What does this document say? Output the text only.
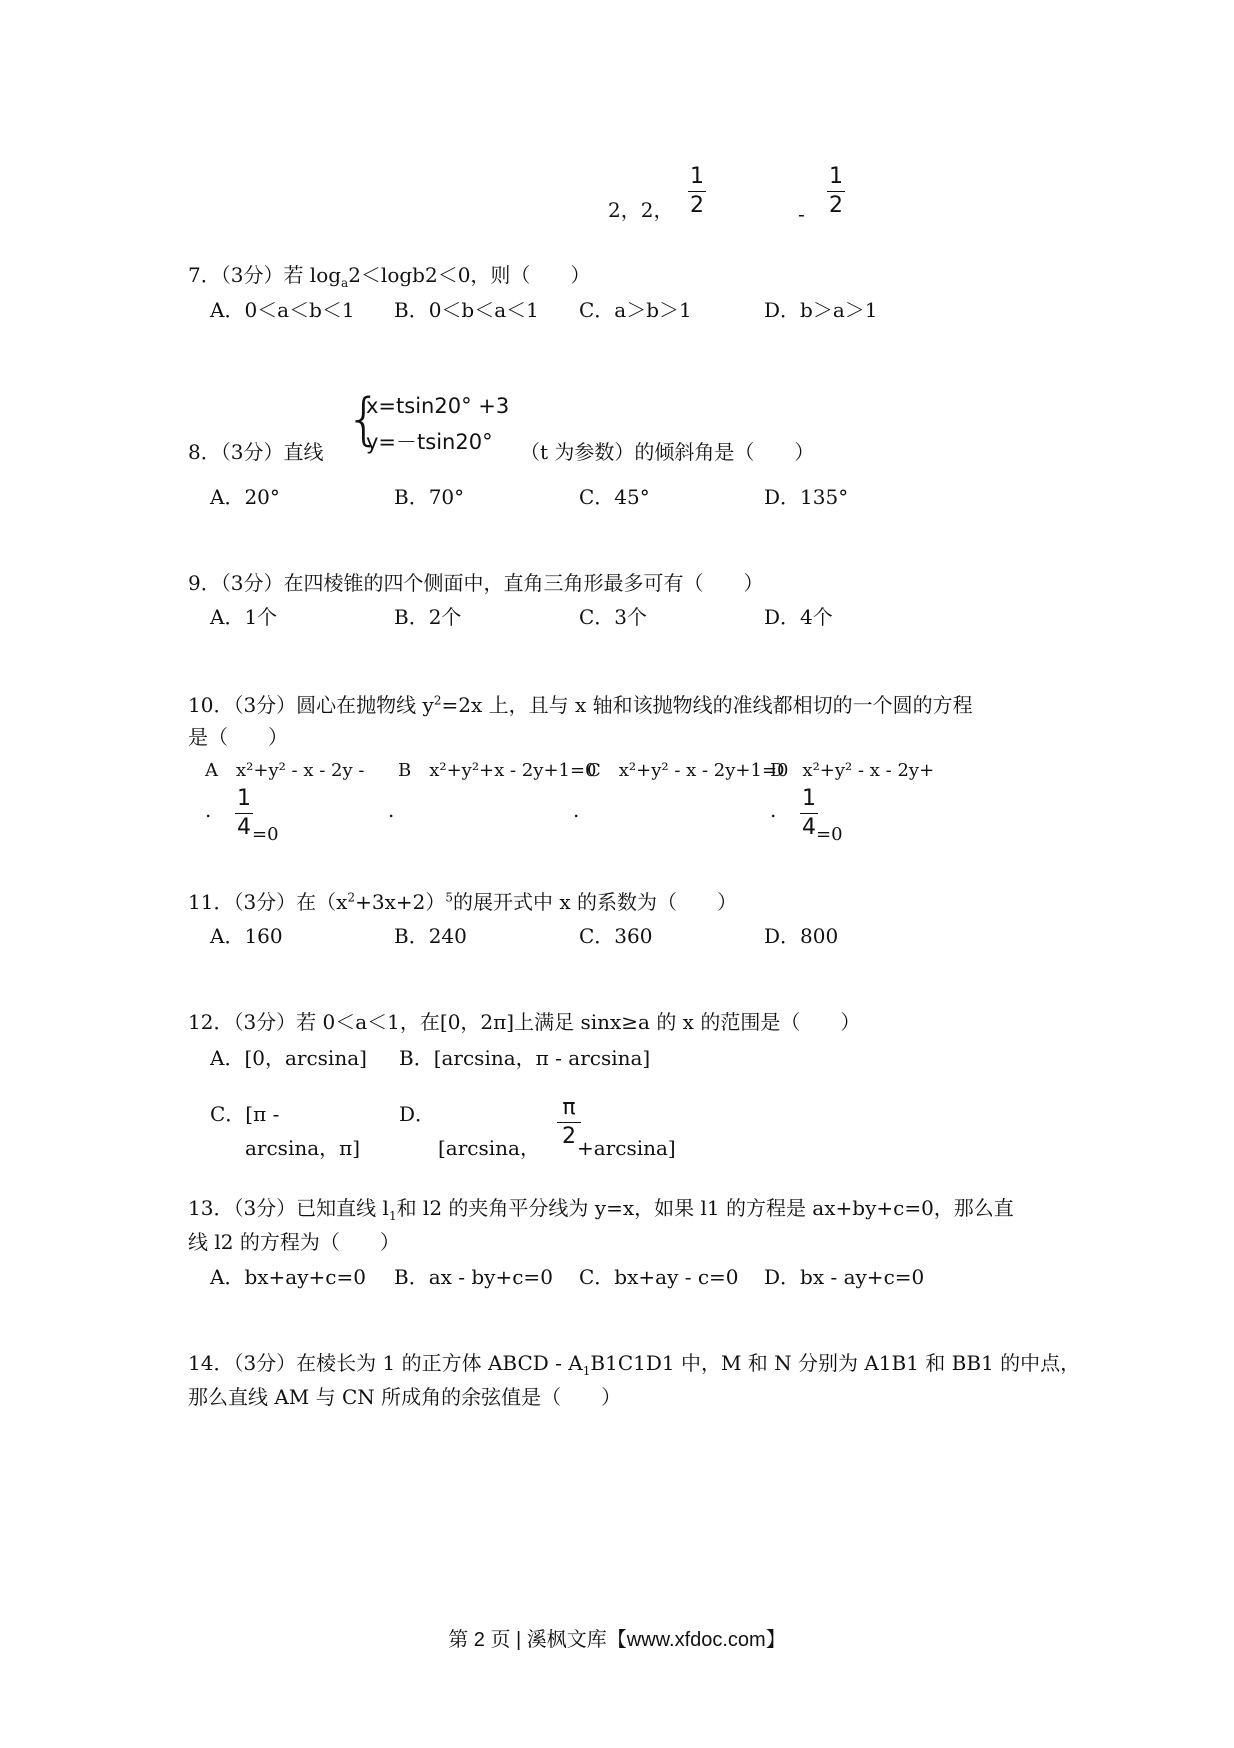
2，2，
1
2	-
1
2
7．（3分）若 $\log_a2<\log b2<0$，则（　　）
A．0＜a＜b＜1 B．0＜b＜a＜1 C．a＞b＞1	D．b＞a＞1
{
x=tsin20° +3
y=－tsin20°
8．（3分）直线	（t 为参数）的倾斜角是（　　）
A．20°	B．70°	C．45°	D．135°
9．（3分）在四棱锥的四个侧面中，直角三角形最多可有（　　）
A．1个	B．2个	C．3个	D．4个
10．（3分）圆心在抛物线 $y^2=2x$ 上，且与 x 轴和该抛物线的准线都相切的一个圆的方程
是（　　）
A　x²+y² - x - 2y - B　x²+y²+x - 2y+1=0
C　x²+y² - x - 2y+1=0
D　x²+y² - x - 2y+
.	.	.	.
1
4 =0
1
4 =0
11．（3分）在$(x^2+3x+2)^5$的展开式中 x 的系数为（　　）
A．160	B．240	C．360	D．800
12．（3分）若 0＜a＜1，在[0，2π]上满足 sinx≥a 的 x 的范围是（　　）
A．[0，arcsina] B．[arcsina，π - arcsina]
C．[π -
arcsina，π]
D．
[arcsina，
π
2 +arcsina]
13．（3分）已知直线 $l_1$和 l2 的夹角平分线为 y=x，如果 l1 的方程是 ax+by+c=0，那么直
线 l2 的方程为（　　）
A．bx+ay+c=0 B．ax - by+c=0 C．bx+ay - c=0 D．bx - ay+c=0
14．（3分）在棱长为 1 的正方体 ABCD - $A_1B1C1D1$ 中，M 和 N 分别为 A1B1 和 BB1 的中点，
那么直线 AM 与 CN 所成角的余弦值是（　　）
第 2 页 | 溪枫文库【www.xfdoc.com】
